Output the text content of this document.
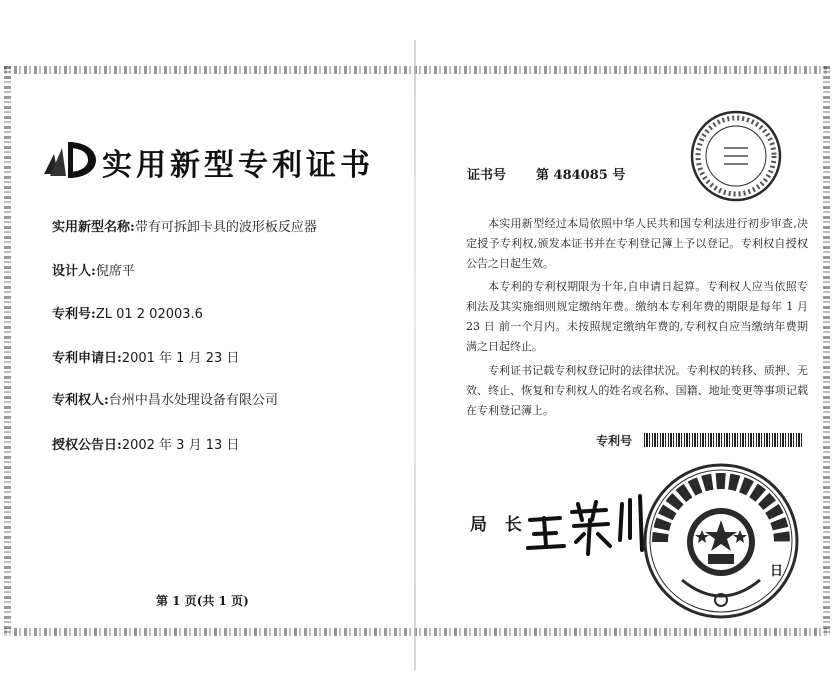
实用新型专利证书
实用新型名称:带有可拆卸卡具的波形板反应器
设计人:倪席平
专利号:ZL 01 2 02003.6
专利申请日:2001 年 1 月 23 日
专利权人:台州中昌水处理设备有限公司
授权公告日:2002 年 3 月 13 日
第 1 页(共 1 页)
证书号 第 484085 号

本实用新型经过本局依照中华人民共和国专利法进行初步审查,决定授予专利权,颁发本证书并在专利登记簿上予以登记。专利权自授权公告之日起生效。

本专利的专利权期限为十年,自申请日起算。专利权人应当依照专利法及其实施细则规定缴纳年费。缴纳本专利年费的期限是每年 1 月 23 日 前一个月内。未按照规定缴纳年费的,专利权自应当缴纳年费期满之日起终止。

专利证书记载专利权登记时的法律状况。专利权的转移、质押、无效、终止、恢复和专利权人的姓名或名称、国籍、地址变更等事项记载在专利登记簿上。

专利号
局 长
日
